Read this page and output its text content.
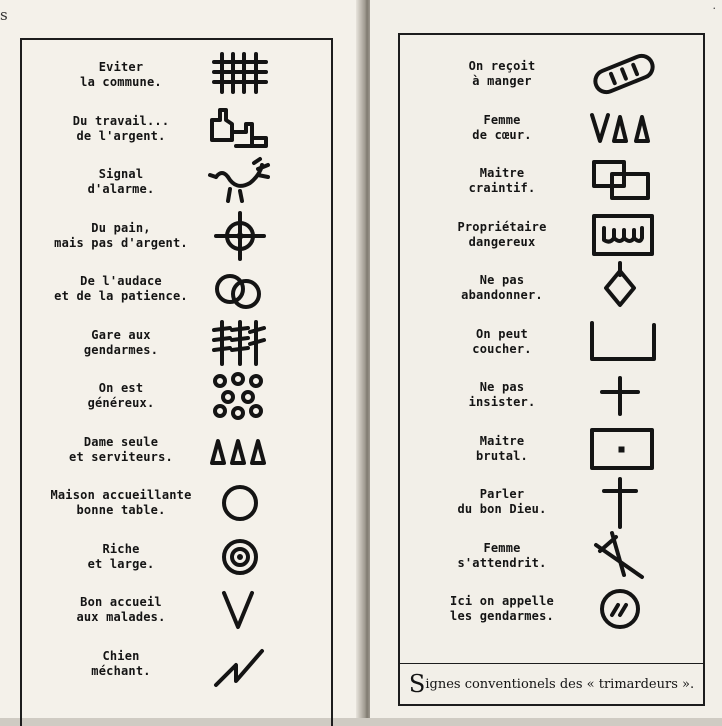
s
Eviter
la commune.
Du travail...
de l'argent.
Signal
d'alarme.
Du pain,
mais pas d'argent.
De l'audace
et de la patience.
Gare aux
gendarmes.
On est
généreux.
Dame seule
et serviteurs.
Maison accueillante
bonne table.
Riche
et large.
Bon accueil
aux malades.
Chien
méchant.
·
On reçoit
à manger
Femme
de cœur.
Maitre
craintif.
Propriétaire
dangereux
Ne pas
abandonner.
On peut
coucher.
Ne pas
insister.
Maitre
brutal.
Parler
du bon Dieu.
Femme
s'attendrit.
Ici on appelle
les gendarmes.
S ignes conventionels des « trimardeurs ».
